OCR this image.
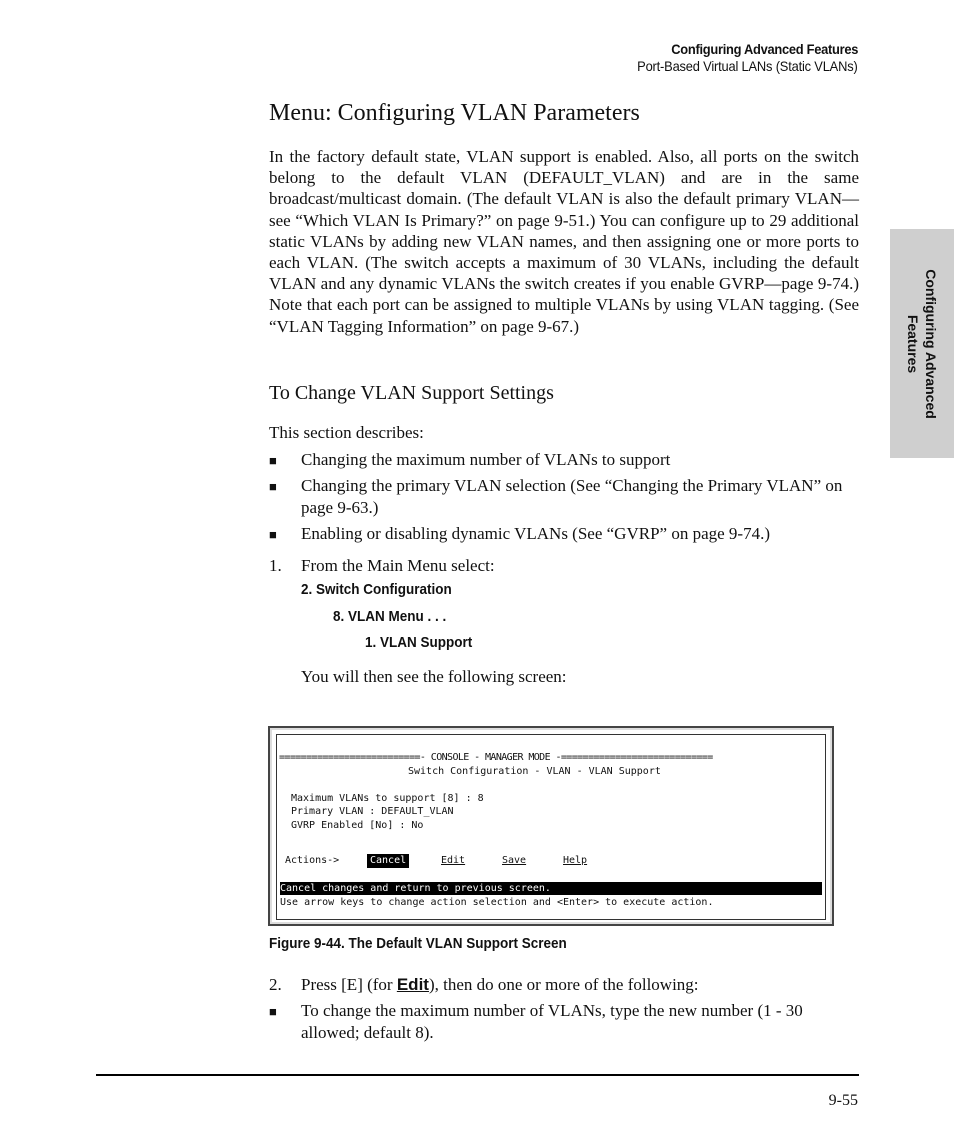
Configuring Advanced Features
Port-Based Virtual LANs (Static VLANs)
Configuring Advanced
Features
Menu: Configuring VLAN Parameters
In the factory default state, VLAN support is enabled. Also, all ports on the switch belong to the default VLAN (DEFAULT_VLAN) and are in the same broadcast/multicast domain. (The default VLAN is also the default primary VLAN—see “Which VLAN Is Primary?” on page 9-51.) You can configure up to 29 additional static VLANs by adding new VLAN names, and then assigning one or more ports to each VLAN. (The switch accepts a maximum of 30 VLANs, including the default VLAN and any dynamic VLANs the switch creates if you enable GVRP—page 9-74.) Note that each port can be assigned to multiple VLANs by using VLAN tagging. (See “VLAN Tagging Information” on page 9-67.)
To Change VLAN Support Settings
This section describes:
■ Changing the maximum number of VLANs to support
■ Changing the primary VLAN selection (See “Changing the Primary VLAN” on page 9-63.)
■ Enabling or disabling dynamic VLANs (See “GVRP” on page 9-74.)
1. From the Main Menu select:
2. Switch Configuration
8. VLAN Menu . . .
1. VLAN Support
You will then see the following screen:

==========================- CONSOLE - MANAGER MODE -============================

Switch Configuration - VLAN - VLAN Support

Maximum VLANs to support [8] : 8

Primary VLAN : DEFAULT_VLAN

GVRP Enabled [No] : No

Actions->

	Cancel

	Edit

	Save

	Help

Cancel changes and return to previous screen.

Use arrow keys to change action selection and <Enter> to execute action.

Figure 9-44. The Default VLAN Support Screen
2. Press [E] (for Edit), then do one or more of the following:
■ To change the maximum number of VLANs, type the new number (1 - 30 allowed; default 8).
9-55
